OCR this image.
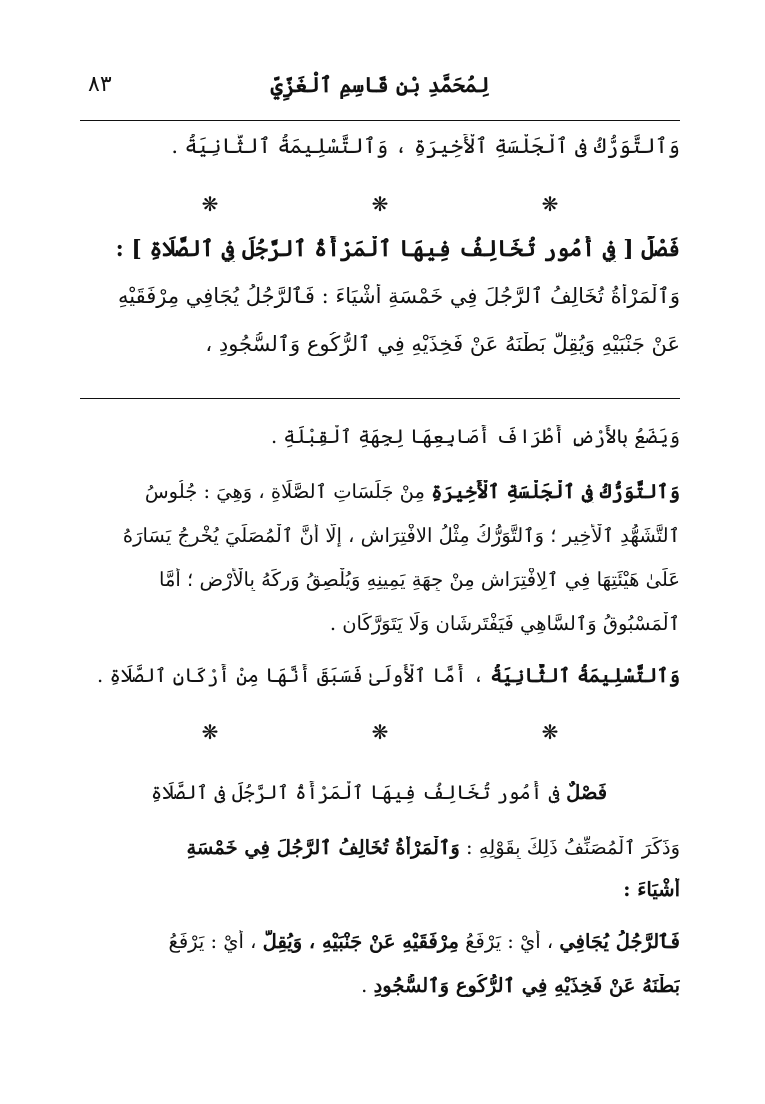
لِمُحَمَّدِ بْنِ قَاسِمِ ٱلْغَزِّيِّ
٨٣
وَٱلتَّوَرُّكُ فِي ٱلْجَلْسَةِ ٱلْأَخِيرَةِ ، وَٱلتَّسْلِيمَةُ ٱلثَّانِيَةُ .
❋	❋	❋
فَصْلٌ [ فِي أُمُورٍ تُخَالِفُ فِيهَا ٱلْمَرْأَةُ ٱلرَّجُلَ فِي ٱلصَّلَاةِ ] :
وَٱلْمَرْأَةُ تُخَالِفُ ٱلرَّجُلَ فِي خَمْسَةِ أَشْيَاءَ : فَٱلرَّجُلُ يُجَافِي مِرْفَقَيْهِ
عَنْ جَنْبَيْهِ وَيُقِلُّ بَطْنَهُ عَنْ فَخِذَيْهِ فِي ٱلرُّكُوعِ وَٱلسُّجُودِ ،
وَيَضَعُ بِالأَرْضِ أَطْرَافَ أَصَابِعِهَا لِجِهَةِ ٱلْقِبْلَةِ .
وَٱلتَّوَرُّكُ فِي ٱلْجَلْسَةِ ٱلْأَخِيرَةِ مِنْ جَلَسَاتِ ٱلصَّلَاةِ ، وَهِيَ : جُلُوسُ
ٱلتَّشَهُّدِ ٱلْأَخِيرِ ؛ وَٱلتَّوَرُّكُ مِثْلُ الافْتِرَاشِ ، إِلَّا أَنَّ ٱلْمُصَلِّيَ يُخْرِجُ يَسَارَهُ
عَلَىٰ هَيْئَتِهَا فِي ٱلِافْتِرَاشِ مِنْ جِهَةِ يَمِينِهِ وَيُلْصِقُ وَرِكَهُ بِالْأَرْضِ ؛ أَمَّا
ٱلْمَسْبُوقُ وَٱلسَّاهِي فَيَفْتَرِشَانِ وَلَا يَتَوَرَّكَانِ .
وَٱلتَّسْلِيمَةُ ٱلثَّانِيَةُ ، أَمَّا ٱلْأُولَىٰ فَسَبَقَ أَنَّهَا مِنْ أَرْكَانِ ٱلصَّلَاةِ .
❋	❋	❋
فَصْلٌ فِي أُمُورٍ تُخَالِفُ فِيهَا ٱلْمَرْأَةُ ٱلرَّجُلَ فِي ٱلصَّلَاةِ
وَذَكَرَ ٱلْمُصَنِّفُ ذَلِكَ بِقَوْلِهِ : وَٱلْمَرْأَةُ تُخَالِفُ ٱلرَّجُلَ فِي خَمْسَةِ
أَشْيَاءَ :
فَٱلرَّجُلُ يُجَافِي ، أَيْ : يَرْفَعُ مِرْفَقَيْهِ عَنْ جَنْبَيْهِ ، وَيُقِلُّ ، أَيْ : يَرْفَعُ
بَطْنَهُ عَنْ فَخِذَيْهِ فِي ٱلرُّكُوعِ وَٱلسُّجُودِ .
